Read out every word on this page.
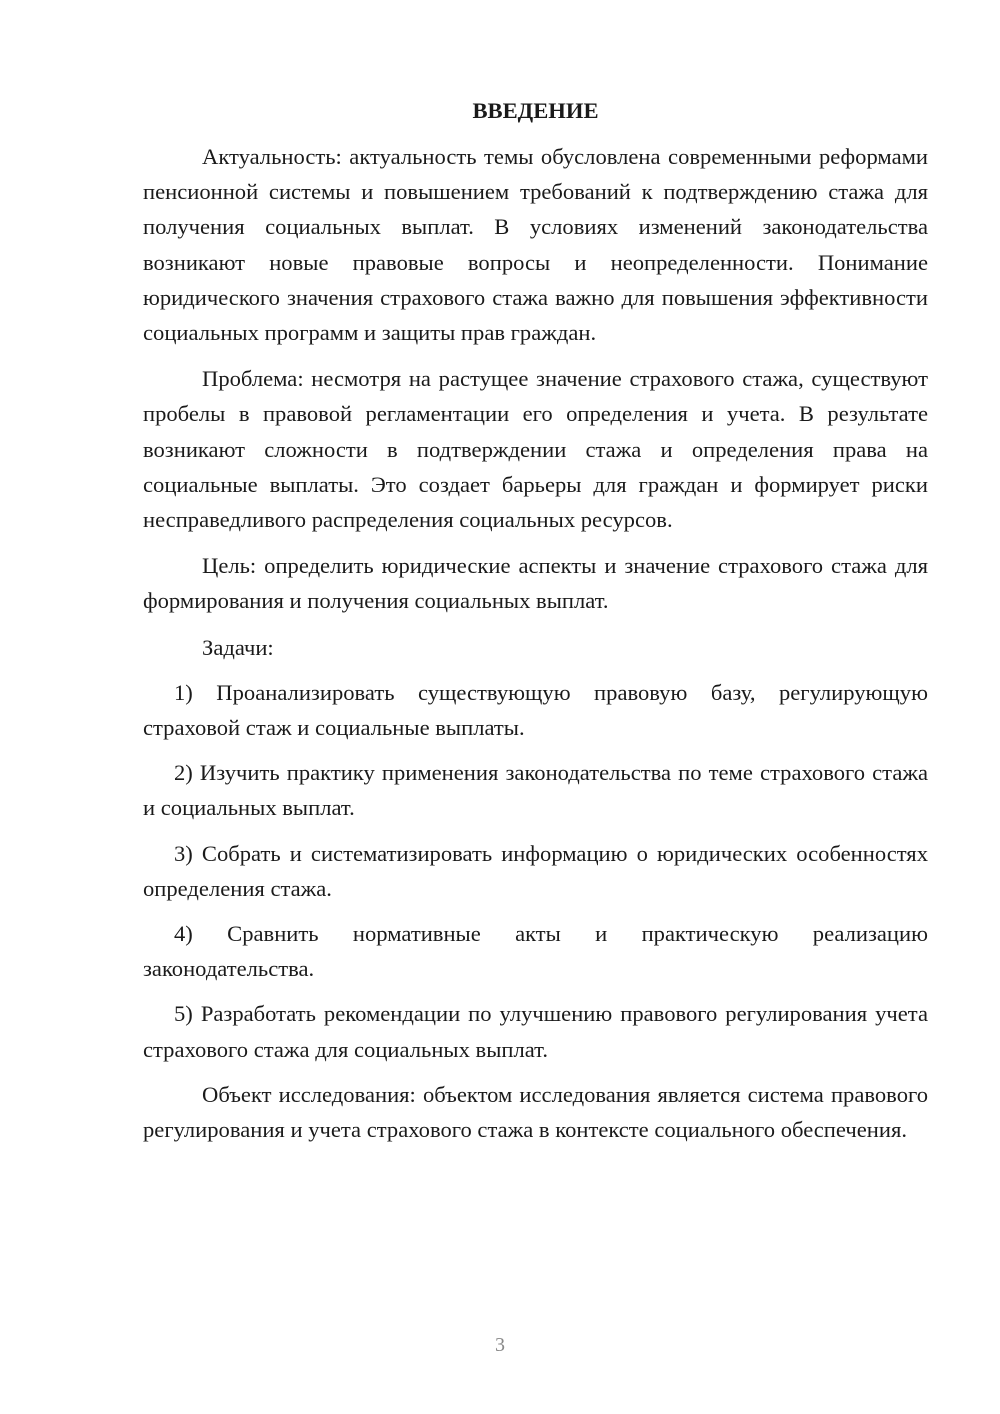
ВВЕДЕНИЕ

Актуальность: актуальность темы обусловлена современными реформами пенсионной системы и повышением требований к подтверждению стажа для получения социальных выплат. В условиях изменений законодательства возникают новые правовые вопросы и неопределенности. Понимание юридического значения страхового стажа важно для повышения эффективности социальных программ и защиты прав граждан.

Проблема: несмотря на растущее значение страхового стажа, существуют пробелы в правовой регламентации его определения и учета. В результате возникают сложности в подтверждении стажа и определения права на социальные выплаты. Это создает барьеры для граждан и формирует риски несправедливого распределения социальных ресурсов.

Цель: определить юридические аспекты и значение страхового стажа для формирования и получения социальных выплат.

Задачи:

1) Проанализировать существующую правовую базу, регулирующую страховой стаж и социальные выплаты.

2) Изучить практику применения законодательства по теме страхового стажа и социальных выплат.

3) Собрать и систематизировать информацию о юридических особенностях определения стажа.

4) Сравнить нормативные акты и практическую реализацию законодательства.

5) Разработать рекомендации по улучшению правового регулирования учета страхового стажа для социальных выплат.

Объект исследования: объектом исследования является система правового регулирования и учета страхового стажа в контексте социального обеспечения.

3
